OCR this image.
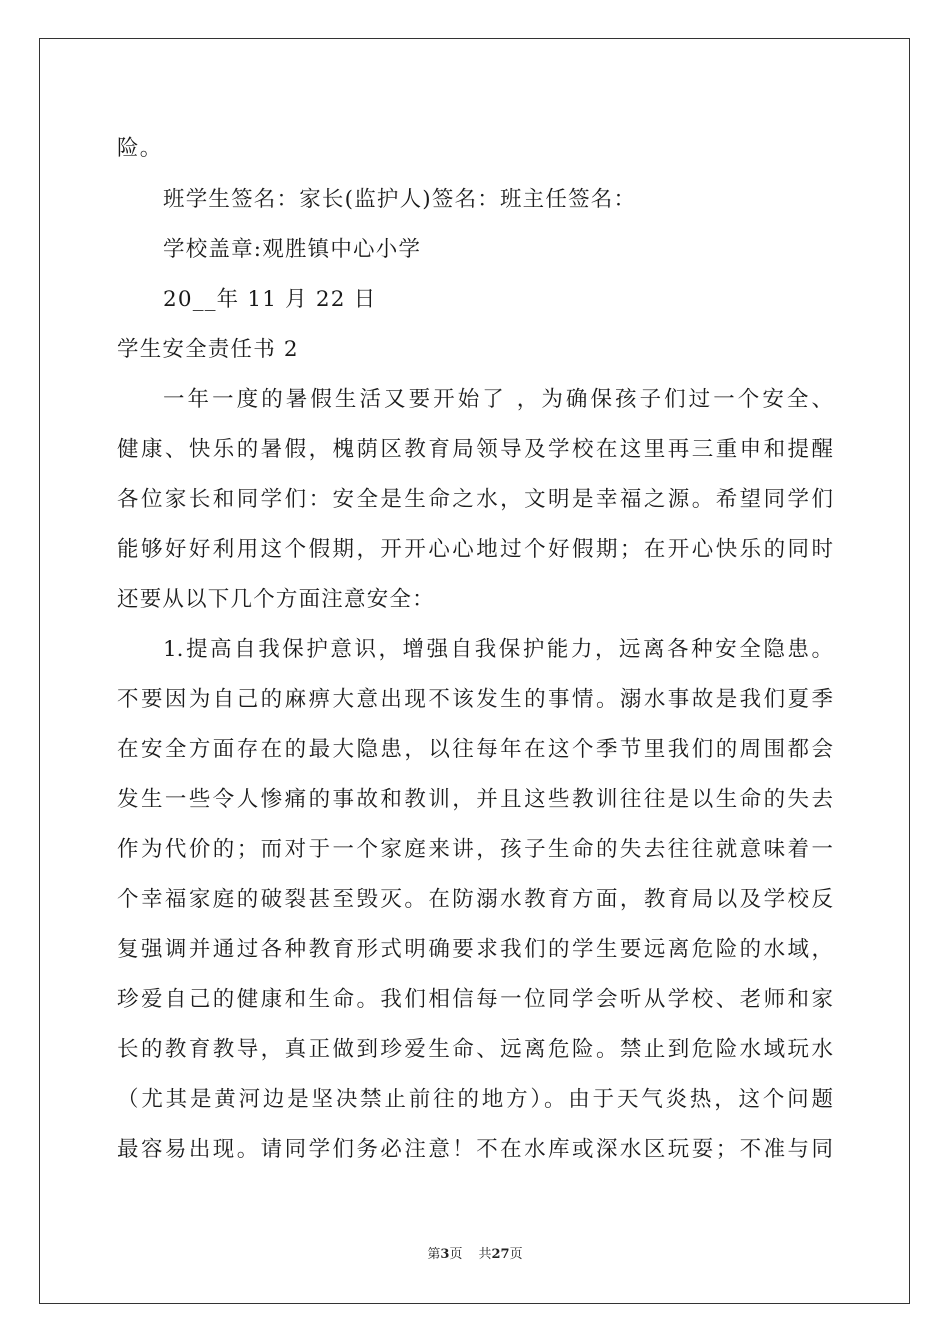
险。
班学生签名：家长(监护人)签名：班主任签名：
学校盖章:观胜镇中心小学
20__年 11 月 22 日
学生安全责任书 2
一年一度的暑假生活又要开始了 ，为确保孩子们过一个安全、
健康、快乐的暑假，槐荫区教育局领导及学校在这里再三重申和提醒
各位家长和同学们：安全是生命之水，文明是幸福之源。希望同学们
能够好好利用这个假期，开开心心地过个好假期；在开心快乐的同时
还要从以下几个方面注意安全：
1.提高自我保护意识，增强自我保护能力，远离各种安全隐患。
不要因为自己的麻痹大意出现不该发生的事情。溺水事故是我们夏季
在安全方面存在的最大隐患，以往每年在这个季节里我们的周围都会
发生一些令人惨痛的事故和教训，并且这些教训往往是以生命的失去
作为代价的；而对于一个家庭来讲，孩子生命的失去往往就意味着一
个幸福家庭的破裂甚至毁灭。在防溺水教育方面，教育局以及学校反
复强调并通过各种教育形式明确要求我们的学生要远离危险的水域，
珍爱自己的健康和生命。我们相信每一位同学会听从学校、老师和家
长的教育教导，真正做到珍爱生命、远离危险。禁止到危险水域玩水
（尤其是黄河边是坚决禁止前往的地方）。由于天气炎热，这个问题
最容易出现。请同学们务必注意！不在水库或深水区玩耍；不准与同
第3页 共27页
